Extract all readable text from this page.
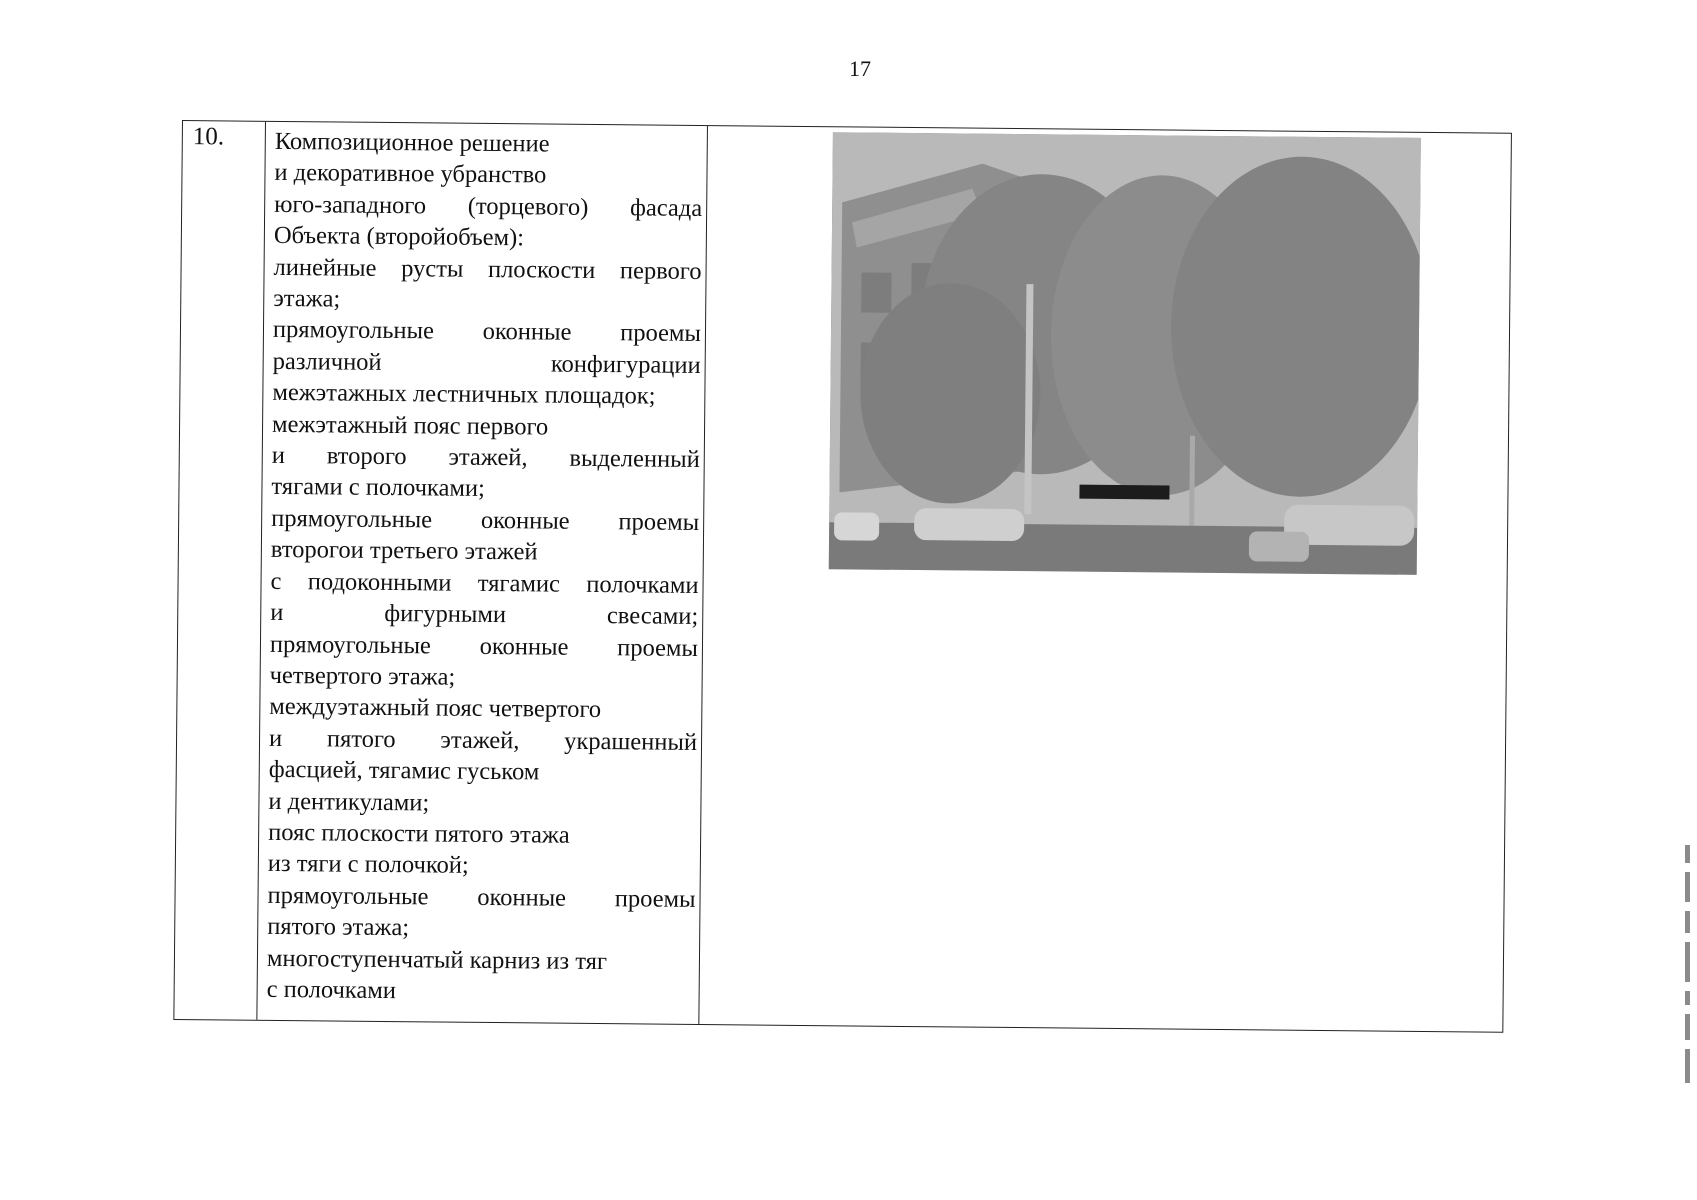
17
10. Композиционное решение
и декоративное убранство
юго-западного (торцевого) фасада
Объекта (второйобъем):
линейные русты плоскости первого
этажа;
прямоугольные оконные проемы
различной конфигурации
межэтажных лестничных площадок;
межэтажный пояс первого
и второго этажей, выделенный
тягами с полочками;
прямоугольные оконные проемы
второгои третьего этажей
с подоконными тягамис полочками
и фигурными свесами;
прямоугольные оконные проемы
четвертого этажа;
междуэтажный пояс четвертого
и пятого этажей, украшенный
фасцией, тягамис гуськом
и дентикулами;
пояс плоскости пятого этажа
из тяги с полочкой;
прямоугольные оконные проемы
пятого этажа;
многоступенчатый карниз из тяг
с полочками
